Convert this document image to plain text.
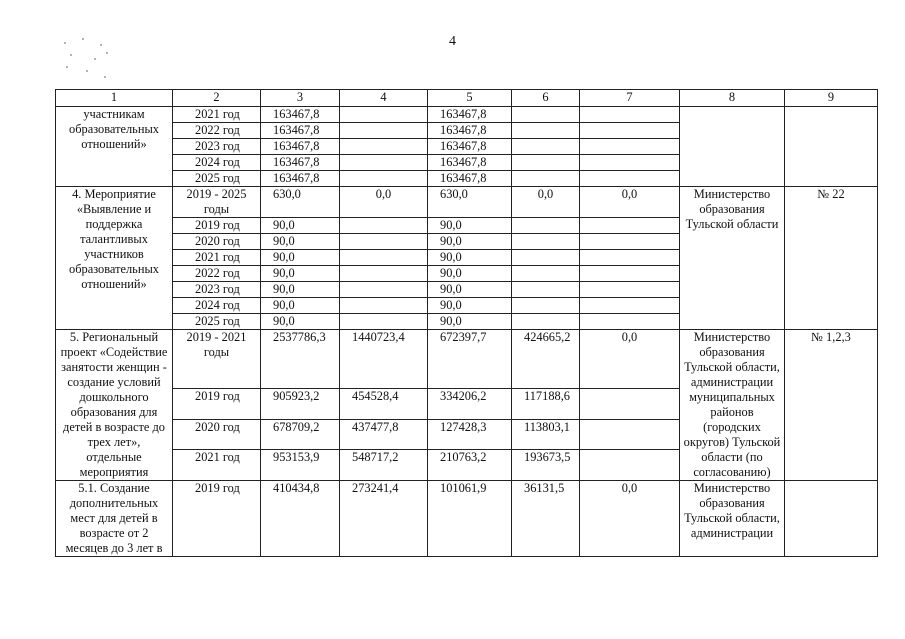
4
1	2	3	4	5	6	7	8	9
участникам образовательных отношений»	2021 год	163467,8		163467,8				
	2022 год	163467,8		163467,8				
	2023 год	163467,8		163467,8				
	2024 год	163467,8		163467,8				
	2025 год	163467,8		163467,8				
4. Мероприятие «Выявление и поддержка талантливых участников образовательных отношений»	2019 - 2025 годы	630,0	0,0	630,0	0,0	0,0	Министерство образования Тульской области	№ 22
	2019 год	90,0		90,0				
	2020 год	90,0		90,0				
	2021 год	90,0		90,0				
	2022 год	90,0		90,0				
	2023 год	90,0		90,0				
	2024 год	90,0		90,0				
	2025 год	90,0		90,0				
5. Региональный проект «Содействие занятости женщин - создание условий дошкольного образования для детей в возрасте до трех лет», отдельные мероприятия	2019 - 2021 годы	2537786,3	1440723,4	672397,7	424665,2	0,0	Министерство образования Тульской области, администрации муниципальных районов (городских округов) Тульской области (по согласованию)	№ 1,2,3
	2019 год	905923,2	454528,4	334206,2	117188,6			
	2020 год	678709,2	437477,8	127428,3	113803,1			
	2021 год	953153,9	548717,2	210763,2	193673,5			
5.1. Создание дополнительных мест для детей в возрасте от 2 месяцев до 3 лет в	2019 год	410434,8	273241,4	101061,9	36131,5	0,0	Министерство образования Тульской области, администрации	
